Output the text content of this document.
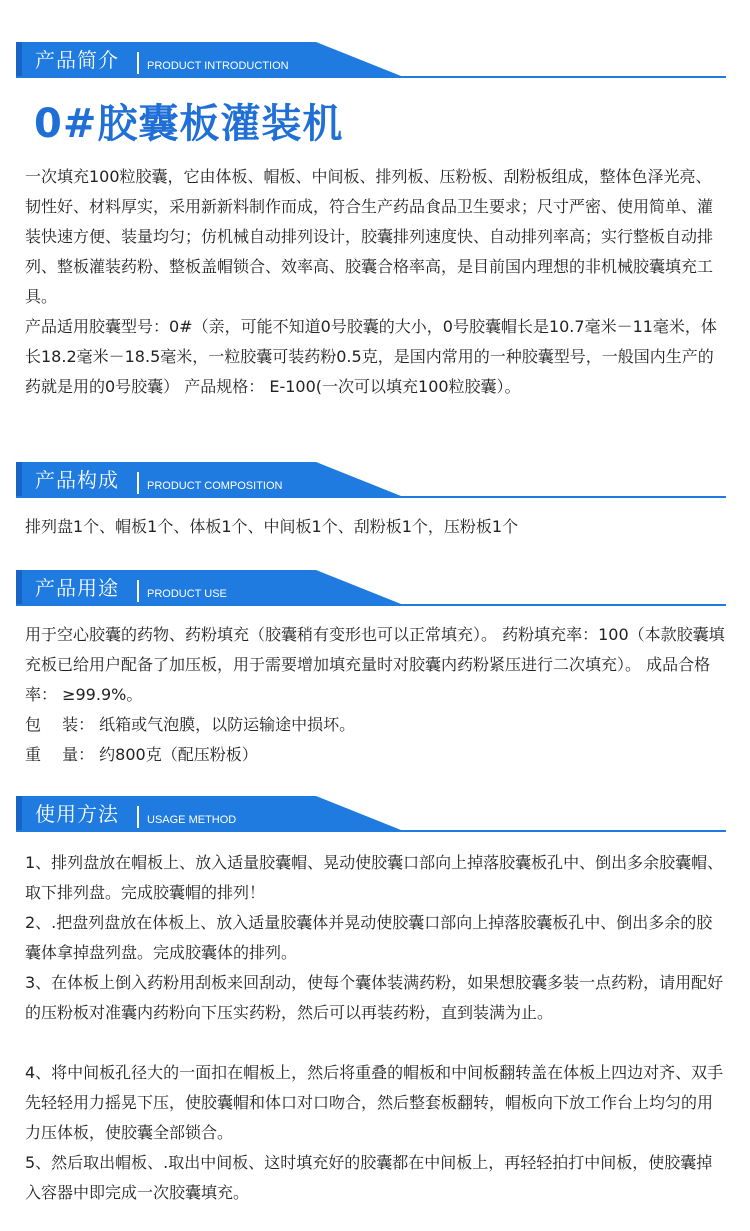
产品简介	PRODUCT INTRODUCTION
0#胶囊板灌装机

一次填充100粒胶囊，它由体板、帽板、中间板、排列板、压粉板、刮粉板组成，整体色泽光亮、韧性好、材料厚实，采用新新料制作而成，符合生产药品食品卫生要求；尺寸严密、使用简单、灌装快速方便、装量均匀；仿机械自动排列设计，胶囊排列速度快、自动排列率高；实行整板自动排列、整板灌装药粉、整板盖帽锁合、效率高、胶囊合格率高，是目前国内理想的非机械胶囊填充工具。

产品适用胶囊型号：0#（亲，可能不知道0号胶囊的大小，0号胶囊帽长是10.7毫米－11毫米，体长18.2毫米－18.5毫米，一粒胶囊可装药粉0.5克，是国内常用的一种胶囊型号，一般国内生产的药就是用的0号胶囊） 产品规格： E-100(一次可以填充100粒胶囊）。

产品构成	PRODUCT COMPOSITION

排列盘1个、帽板1个、体板1个、中间板1个、刮粉板1个，压粉板1个

产品用途	PRODUCT USE

用于空心胶囊的药物、药粉填充（胶囊稍有变形也可以正常填充）。 药粉填充率：100（本款胶囊填充板已给用户配备了加压板，用于需要增加填充量时对胶囊内药粉紧压进行二次填充）。 成品合格率： ≥99.9%。

包　 装： 纸箱或气泡膜，以防运输途中损坏。

重　 量： 约800克（配压粉板）

使用方法	USAGE METHOD

1、排列盘放在帽板上、放入适量胶囊帽、晃动使胶囊口部向上掉落胶囊板孔中、倒出多余胶囊帽、取下排列盘。完成胶囊帽的排列！

2、.把盘列盘放在体板上、放入适量胶囊体并晃动使胶囊口部向上掉落胶囊板孔中、倒出多余的胶囊体拿掉盘列盘。完成胶囊体的排列。

3、在体板上倒入药粉用刮板来回刮动，使每个囊体装满药粉，如果想胶囊多装一点药粉，请用配好的压粉板对准囊内药粉向下压实药粉，然后可以再装药粉，直到装满为止。

4、将中间板孔径大的一面扣在帽板上，然后将重叠的帽板和中间板翻转盖在体板上四边对齐、双手先轻轻用力摇晃下压，使胶囊帽和体口对口吻合，然后整套板翻转，帽板向下放工作台上均匀的用力压体板，使胶囊全部锁合。

5、然后取出帽板、.取出中间板、这时填充好的胶囊都在中间板上，再轻轻拍打中间板，使胶囊掉入容器中即完成一次胶囊填充。
